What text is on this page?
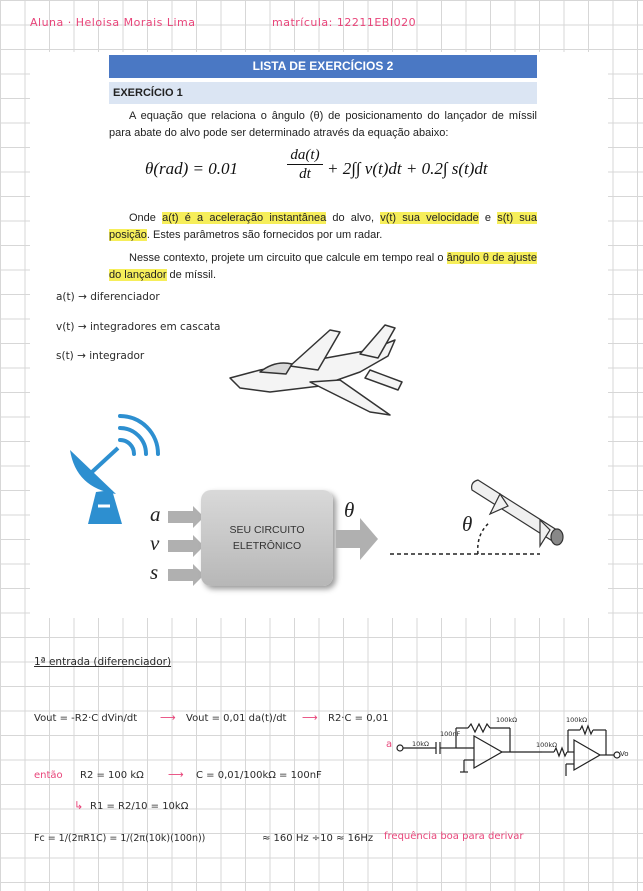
Aluna · Heloisa Morais Lima	matrícula: 12211EBI020
LISTA DE EXERCÍCIOS 2
EXERCÍCIO 1
A equação que relaciona o ângulo (θ) de posicionamento do lançador de míssil para abate do alvo pode ser determinado através da equação abaixo:
θ(rad) = 0.01	$\frac{da(t)}{dt} + 2\int\int$ v(t)dt + 0.2∫ s(t)dt
Onde a(t) é a aceleração instantânea do alvo, v(t) sua velocidade e s(t) sua posição. Estes parâmetros são fornecidos por um radar.
Nesse contexto, projete um circuito que calcule em tempo real o ângulo θ de ajuste do lançador de míssil.
a
v
s
SEU CIRCUITO
ELETRÔNICO
θ
θ
a(t) → diferenciador
v(t) → integradores em cascata
s(t) → integrador
1ª entrada (diferenciador)
Vout = -R2·C dVin/dt ⟶ Vout = 0,01 da(t)/dt ⟶ R2·C = 0,01
então R2 = 100 kΩ ⟶ C = 0,01/100kΩ = 100nF
↳ R1 = R2/10 = 10kΩ
Fc = 1/(2πR1C) = 1/(2π(10k)(100n))	≈ 160 Hz ÷10 ≈ 16Hz frequência boa para derivar
a
100nF
10kΩ
100kΩ
100kΩ
100kΩ
Vo
